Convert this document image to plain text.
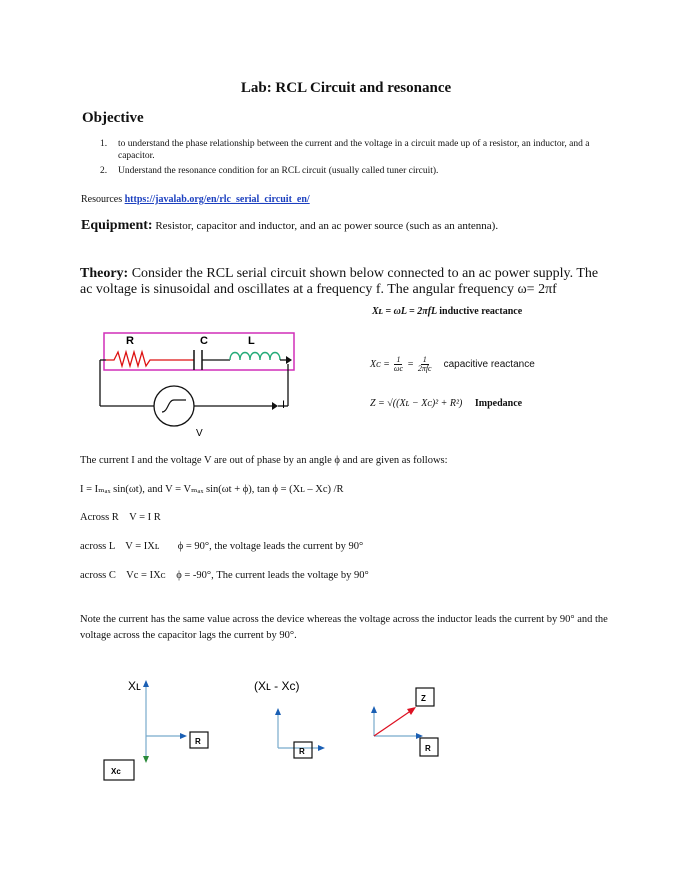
Lab: RCL Circuit and resonance
Objective
1.	to understand the phase relationship between the current and the voltage in a circuit made up of a resistor, an inductor, and a capacitor.
2.	Understand the resonance condition for an RCL circuit (usually called tuner circuit).
Resources https://javalab.org/en/rlc_serial_circuit_en/
Equipment: Resistor, capacitor and inductor, and an ac power source (such as an antenna).
Theory: Consider the RCL serial circuit shown below connected to an ac power supply. The ac voltage is sinusoidal and oscillates at a frequency f. The angular frequency ω= 2πf
Xʟ = ωL = 2πfL inductive reactance
R	C	L
I
V
Xᴄ = $\frac{1}{\omega c} = \frac{1}{\text{2πfc}}$ capacitive reactance
Z = √((Xʟ − Xᴄ)² + R²) Impedance
The current I and the voltage V are out of phase by an angle ϕ and are given as follows:
I = Iₘₐₓ sin(ωt), and V = Vₘₐₓ sin(ωt + ϕ), tan ϕ = (Xʟ – Xc) /R
Across R    V = I R
across L    V = IXʟ       ϕ = 90°, the voltage leads the current by 90°
across C    Vc = IXᴄ    ϕ = -90°, The current leads the voltage by 90°
Note the current has the same value across the device whereas the voltage across the inductor leads the current by 90° and the voltage across the capacitor lags the current by 90°.
Xʟ
R
Xc
(Xʟ - Xc)
R
Z
R
